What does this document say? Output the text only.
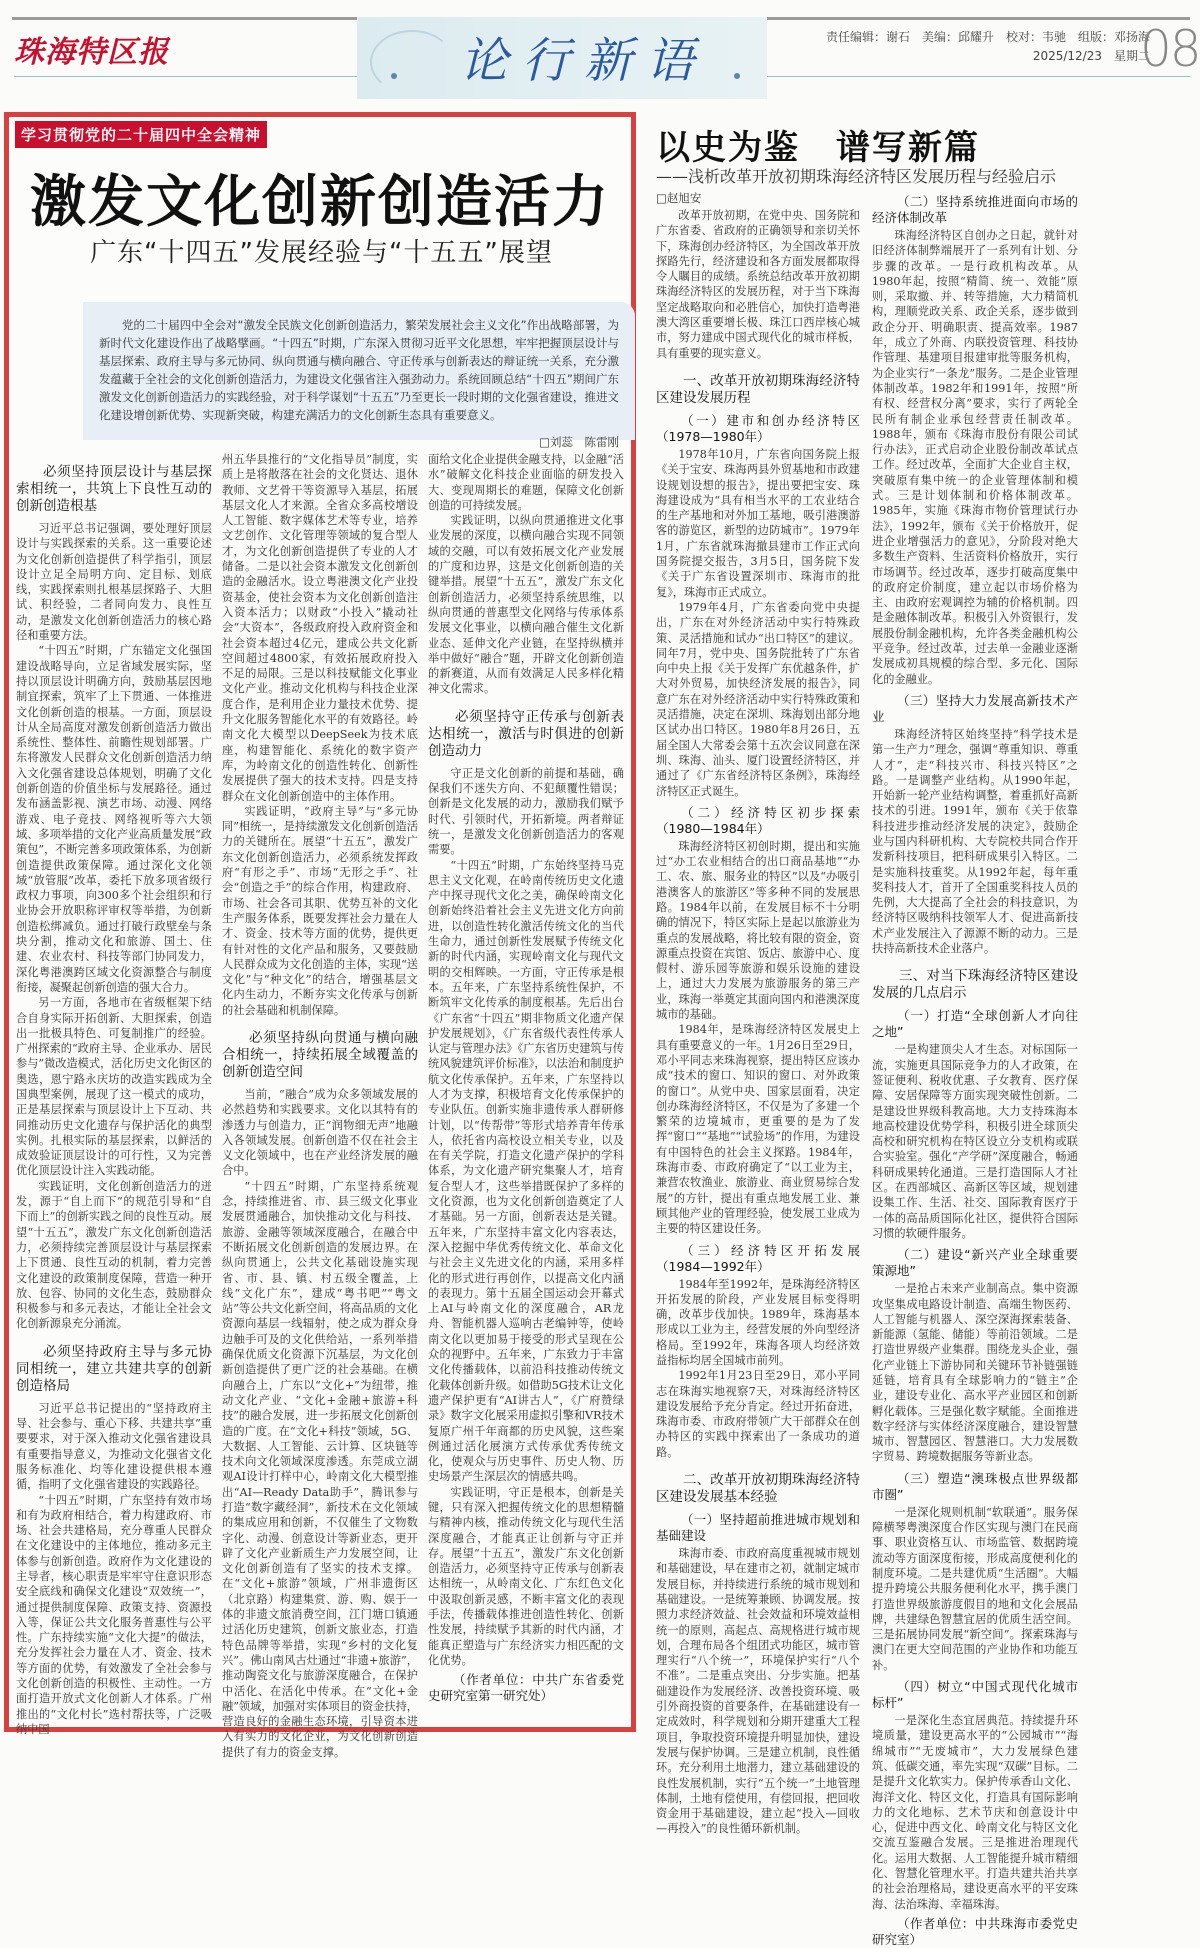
珠海特区报	论行新语	责任编辑：谢石　美编：邱耀升　校对：韦驰　组版：邓扬海
2025/12/23　星期二
08
学习贯彻党的二十届四中全会精神
激发文化创新创造活力
广东“十四五”发展经验与“十五五”展望
党的二十届四中全会对“激发全民族文化创新创造活力，繁荣发展社会主义文化”作出战略部署，为新时代文化建设作出了战略擘画。“十四五”时期，广东深入贯彻习近平文化思想，牢牢把握顶层设计与基层探索、政府主导与多元协同、纵向贯通与横向融合、守正传承与创新表达的辩证统一关系，充分激发蕴藏于全社会的文化创新创造活力，为建设文化强省注入强劲动力。系统回顾总结“十四五”期间广东激发文化创新创造活力的实践经验，对于科学谋划“十五五”乃至更长一段时期的文化强省建设，推进文化建设增创新优势、实现新突破，构建充满活力的文化创新生态具有重要意义。
□刘蕊　陈雷刚
必须坚持顶层设计与基层探索相统一，共筑上下良性互动的创新创造根基

习近平总书记强调，要处理好顶层设计与实践探索的关系。这一重要论述为文化创新创造提供了科学指引，顶层设计立足全局明方向、定目标、划底线，实践探索则扎根基层探路子、大胆试、积经验，二者同向发力、良性互动，是激发文化创新创造活力的核心路径和重要方法。

“十四五”时期，广东锚定文化强国建设战略导向，立足省域发展实际，坚持以顶层设计明确方向，鼓励基层因地制宜探索，筑牢了上下贯通、一体推进文化创新创造的根基。一方面，顶层设计从全局高度对激发创新创造活力做出系统性、整体性、前瞻性规划部署。广东将激发人民群众文化创新创造活力纳入文化强省建设总体规划，明确了文化创新创造的价值坐标与发展路径。通过发布涵盖影视、演艺市场、动漫、网络游戏、电子竞技、网络视听等六大领域、多项举措的文化产业高质量发展“政策包”，不断完善多项政策体系，为创新创造提供政策保障。通过深化文化领域“放管服”改革，委托下放多项省级行政权力事项，向300多个社会组织和行业协会开放职称评审权等举措，为创新创造松绑减负。通过打破行政壁垒与条块分割，推动文化和旅游、国土、住建、农业农村、科技等部门协同发力，深化粤港澳跨区域文化资源整合与制度衔接，凝聚起创新创造的强大合力。

另一方面，各地市在省级框架下结合自身实际开拓创新、大胆探索，创造出一批极具特色、可复制推广的经验。广州探索的“政府主导、企业承办、居民参与”微改造模式，活化历史文化街区的奥选，恩宁路永庆坊的改造实践成为全国典型案例，展现了这一模式的成功，正是基层探索与顶层设计上下互动、共同推动历史文化遗存与保护活化的典型实例。扎根实际的基层探索，以鲜活的成效验证顶层设计的可行性，又为完善优化顶层设计注入实践动能。

实践证明，文化创新创造活力的迸发，源于“自上而下”的规范引导和“自下而上”的创新实践之间的良性互动。展望“十五五”，激发广东文化创新创造活力，必须持续完善顶层设计与基层探索上下贯通、良性互动的机制，着力完善文化建设的政策制度保障，营造一种开放、包容、协同的文化生态，鼓励群众积极参与和多元表达，才能让全社会文化创新源泉充分涌流。

必须坚持政府主导与多元协同相统一，建立共建共享的创新创造格局

习近平总书记提出的“坚持政府主导、社会参与、重心下移、共建共享”重要要求，对于深入推动文化强省建设具有重要指导意义，为推动文化强省文化服务标准化、均等化建设提供根本遵循，指明了文化强省建设的实践路径。

“十四五”时期，广东坚持有效市场和有为政府相结合，着力构建政府、市场、社会共建格局，充分尊重人民群众在文化建设中的主体地位，推动多元主体参与创新创造。政府作为文化建设的主导者，核心职责是牢牢守住意识形态安全底线和确保文化建设“双效统一”，通过提供制度保障、政策支持、资源投入等，保证公共文化服务普惠性与公平性。广东持续实施“文化大提”的做法，充分发挥社会力量在人才、资金、技术等方面的优势，有效激发了全社会参与文化创新创造的积极性、主动性。一方面打造开放式文化创新人才体系。广州推出的“文化村长”选村帮扶等，广泛吸纳中国

州五华县推行的“文化指导员”制度，实质上是将散落在社会的文化贤达、退休教师、文艺骨干等资源导入基层，拓展基层文化人才来源。全省众多高校增设人工智能、数字媒体艺术等专业，培养文艺创作、文化管理等领域的复合型人才，为文化创新创造提供了专业的人才储备。二是以社会资本激发文化创新创造的金融活水。设立粤港澳文化产业投资基金，使社会资本为文化创新创造注入资本活力；以财政“小投入”撬动社会“大资本”，各级政府投入政府资金和社会资本超过4亿元，建成公共文化新空间超过4800家，有效拓展政府投入不足的局限。三是以科技赋能文化事业文化产业。推动文化机构与科技企业深度合作，是利用企业力量技术优势、提升文化服务智能化水平的有效路径。岭南文化大模型以DeepSeek为技术底座，构建智能化、系统化的数字资产库，为岭南文化的创造性转化、创新性发展提供了强大的技术支持。四是支持群众在文化创新创造中的主体作用。

实践证明，“政府主导”与“多元协同”相统一，是持续激发文化创新创造活力的关键所在。展望“十五五”，激发广东文化创新创造活力，必须系统发挥政府“有形之手”、市场“无形之手”、社会“创造之手”的综合作用，构建政府、市场、社会各司其职、优势互补的文化生产服务体系，既要发挥社会力量在人才、资金、技术等方面的优势，提供更有针对性的文化产品和服务，又要鼓励人民群众成为文化创造的主体，实现“送文化”与“种文化”的结合，增强基层文化内生动力，不断夯实文化传承与创新的社会基础和机制保障。

必须坚持纵向贯通与横向融合相统一，持续拓展全域覆盖的创新创造空间

当前，“融合”成为众多领域发展的必然趋势和实践要求。文化以其特有的渗透力与创造力，正“润物细无声”地融入各领域发展。创新创造不仅在社会主义文化领域中，也在产业经济发展的融合中。

“十四五”时期，广东坚持系统观念，持续推进省、市、县三级文化事业发展贯通融合，加快推动文化与科技、旅游、金融等领域深度融合，在融合中不断拓展文化创新创造的发展边界。在纵向贯通上，公共文化基础设施实现省、市、县、镇、村五级全覆盖，上线“文化广东”，建成“粤书吧”“粤文站”等公共文化新空间，将高品质的文化资源向基层一线辐射，使之成为群众身边触手可及的文化供给站，一系列举措确保优质文化资源下沉基层，为文化创新创造提供了更广泛的社会基础。在横向融合上，广东以“文化+”为纽带，推动文化产业、“文化+金融+旅游+科技”的融合发展，进一步拓展文化创新创造的广度。在“文化+科技”领域，5G、大数据、人工智能、云计算、区块链等技术向文化领域深度渗透。东莞成立湖观AI设计打样中心，岭南文化大模型推出“AI—Ready Data助手”，腾讯参与打造“数字藏经洞”，新技术在文化领域的集成应用和创新，不仅催生了文物数字化、动漫、创意设计等新业态，更开辟了文化产业新质生产力发展空间，让文化创新创造有了坚实的技术支撑。在“文化+旅游”领域，广州非遗街区（北京路）构建集赏、游、购、娱于一体的非遗文旅消费空间，江门塘口镇通过活化历史建筑，创新文旅业态，打造特色品牌等举措，实现“乡村的文化复兴”。佛山南风古灶通过“非遗+旅游”，推动陶瓷文化与旅游深度融合，在保护中活化、在活化中传承。在“文化+金融”领域，加强对实体项目的资金扶持，营造良好的金融生态环境，引导资本进入有实力的文化企业，为文化创新创造提供了有力的资金支撑。

面给文化企业提供金融支持，以金融“活水”破解文化科技企业面临的研发投入大、变现周期长的难题，保障文化创新创造的可持续发展。

实践证明，以纵向贯通推进文化事业发展的深度，以横向融合实现不同领域的交融，可以有效拓展文化产业发展的广度和边界，这是文化创新创造的关键举措。展望“十五五”，激发广东文化创新创造活力，必须坚持系统思维，以纵向贯通的普惠型文化网络与传承体系发展文化事业，以横向融合催生文化新业态、延伸文化产业链，在坚持纵横并举中做好“融合”题，开辟文化创新创造的新赛道，从而有效满足人民多样化精神文化需求。

必须坚持守正传承与创新表达相统一，激活与时俱进的创新创造动力

守正是文化创新的前提和基础，确保我们不迷失方向、不犯颠覆性错误；创新是文化发展的动力，激励我们赋予时代、引领时代，开拓新境。两者辩证统一，是激发文化创新创造活力的客观需要。

“十四五”时期，广东始终坚持马克思主义文化观，在岭南传统历史文化遗产中探寻现代文化之美，确保岭南文化创新始终沿着社会主义先进文化方向前进，以创造性转化激活传统文化的当代生命力，通过创新性发展赋予传统文化新的时代内涵，实现岭南文化与现代文明的交相辉映。一方面，守正传承是根本。五年来，广东坚持系统性保护，不断筑牢文化传承的制度根基。先后出台《广东省“十四五”期非物质文化遗产保护发展规划》，《广东省级代表性传承人认定与管理办法》《广东省历史建筑与传统风貌建筑评价标准》，以法治和制度护航文化传承保护。五年来，广东坚持以人才为支撑，积极培育文化传承保护的专业队伍。创新实施非遗传承人群研修计划，以“传帮带”等形式培养青年传承人，依托省内高校设立相关专业，以及在有关学院，打造文化遗产保护的学科体系，为文化遗产研究集聚人才，培育复合型人才，这些举措既保护了多样的文化资源，也为文化创新创造奠定了人才基础。另一方面，创新表达是关键。五年来，广东坚持丰富文化内容表达，深入挖掘中华优秀传统文化、革命文化与社会主义先进文化的内涵，采用多样化的形式进行再创作，以提高文化内涵的表现力。第十五届全国运动会开幕式上AI与岭南文化的深度融合，AR龙舟、智能机器人巡响古老编钟等，使岭南文化以更加易于接受的形式呈现在公众的视野中。五年来，广东致力于丰富文化传播载体，以前沿科技推动传统文化载体创新升级。如借助5G技术让文化遗产保护更有“AI讲古人”，《广府赞绿录》数字文化展采用虚拟引擎和VR技术复原广州千年商都的历史风貌，这些案例通过活化展演方式传承优秀传统文化，使观众与历史事件、历史人物、历史场景产生深层次的情感共鸣。

实践证明，守正是根本，创新是关键，只有深入把握传统文化的思想精髓与精神内核，推动传统文化与现代生活深度融合，才能真正让创新与守正并存。展望“十五五”，激发广东文化创新创造活力，必须坚持守正传承与创新表达相统一，从岭南文化、广东红色文化中汲取创新灵感，不断丰富文化的表现手法，传播载体推进创造性转化、创新性发展，持续赋予其新的时代内涵，才能真正塑造与广东经济实力相匹配的文化优势。

（作者单位：中共广东省委党史研究室第一研究处）
以史为鉴　谱写新篇
——浅析改革开放初期珠海经济特区发展历程与经验启示
□赵旭安

改革开放初期，在党中央、国务院和广东省委、省政府的正确领导和亲切关怀下，珠海创办经济特区，为全国改革开放探路先行，经济建设和各方面发展都取得令人瞩目的成绩。系统总结改革开放初期珠海经济特区的发展历程，对于当下珠海坚定战略取向和必胜信心，加快打造粤港澳大湾区重要增长极、珠江口西岸核心城市，努力建成中国式现代化的城市样板，具有重要的现实意义。

一、改革开放初期珠海经济特区建设发展历程
（一）建市和创办经济特区（1978—1980年）

1978年10月，广东省向国务院上报《关于宝安、珠海两县外贸基地和市政建设规划设想的报告》，提出要把宝安、珠海建设成为“具有相当水平的工农业结合的生产基地和对外加工基地，吸引港澳游客的游览区，新型的边防城市”。1979年1月，广东省就珠海撤县建市工作正式向国务院提交报告，3月5日，国务院下发《关于广东省设置深圳市、珠海市的批复》，珠海市正式成立。

1979年4月，广东省委向党中央提出，广东在对外经济活动中实行特殊政策、灵活措施和试办“出口特区”的建议。同年7月，党中央、国务院批转了广东省向中央上报《关于发挥广东优越条件，扩大对外贸易，加快经济发展的报告》，同意广东在对外经济活动中实行特殊政策和灵活措施，决定在深圳、珠海划出部分地区试办出口特区。1980年8月26日，五届全国人大常委会第十五次会议同意在深圳、珠海、汕头、厦门设置经济特区，并通过了《广东省经济特区条例》，珠海经济特区正式诞生。

（二）经济特区初步探索（1980—1984年）

珠海经济特区初创时期，提出和实施过“办工农业相结合的出口商品基地”“办工、农、旅、服务业的特区”以及“办吸引港澳客人的旅游区”等多种不同的发展思路。1984年以前，在发展目标不十分明确的情况下，特区实际上是起以旅游业为重点的发展战略，将比较有限的资金，资源重点投资在宾馆、饭店、旅游中心、度假村、游乐园等旅游和娱乐设施的建设上，通过大力发展为旅游服务的第三产业，珠海一举奠定其面向国内和港澳深度城市的基础。

1984年，是珠海经济特区发展史上具有重要意义的一年。1月26日至29日，邓小平同志来珠海视察，提出特区应该办成“技术的窗口、知识的窗口、对外政策的窗口”。从党中央、国家层面看，决定创办珠海经济特区，不仅是为了多建一个繁荣的边境城市，更重要的是为了发挥“窗口”“基地”“试验场”的作用，为建设有中国特色的社会主义探路。1984年，珠海市委、市政府确定了“以工业为主，兼营农牧渔业、旅游业、商业贸易综合发展”的方针，提出有重点地发展工业、兼顾其他产业的管理经验，使发展工业成为主要的特区建设任务。

（三）经济特区开拓发展（1984—1992年）

1984年至1992年，是珠海经济特区开拓发展的阶段，产业发展目标变得明确，改革步伐加快。1989年，珠海基本形成以工业为主，经营发展的外向型经济格局。至1992年，珠海各项人均经济效益指标均居全国城市前列。

1992年1月23日至29日，邓小平同志在珠海实地视察7天，对珠海经济特区建设发展给予充分肯定。经过开拓奋进，珠海市委、市政府带领广大干部群众在创办特区的实践中探索出了一条成功的道路。

二、改革开放初期珠海经济特区建设发展基本经验
（一）坚持超前推进城市规划和基础建设

珠海市委、市政府高度重视城市规划和基础建设，早在建市之初，就制定城市发展目标，并持续进行系统的城市规划和基础建设。一是统筹兼顾、协调发展。按照力求经济效益、社会效益和环境效益相统一的原则，高起点、高规格进行城市规划，合理布局各个组团式功能区，城市管理实行“八个统一”，环境保护实行“八个不准”。二是重点突出、分步实施。把基础建设作为发展经济、改善投资环境、吸引外商投资的首要条件，在基础建设有一定成效时，科学规划和分期开建重大工程项目，争取投资环境提升明显加快，建设发展与保护协调。三是建立机制，良性循环。充分利用土地潜力，建立基础建设的良性发展机制，实行“五个统一”土地管理体制，土地有偿使用，有偿回报，把回收资金用于基础建设，建立起“投入—回收—再投入”的良性循环新机制。

（二）坚持系统推进面向市场的经济体制改革

珠海经济特区自创办之日起，就针对旧经济体制弊端展开了一系列有计划、分步骤的改革。一是行政机构改革。从1980年起，按照“精简、统一、效能”原则，采取撤、并、转等措施，大力精简机构，理顺党政关系、政企关系，逐步做到政企分开、明确职责、提高效率。1987年，成立了外商、内联投资管理、科技协作管理、基建项目报建审批等服务机构，为企业实行“一条龙”服务。二是企业管理体制改革。1982年和1991年，按照“所有权、经营权分离”要求，实行了两轮全民所有制企业承包经营责任制改革。1988年，颁布《珠海市股份有限公司试行办法》，正式启动企业股份制改革试点工作。经过改革，全面扩大企业自主权，突破原有集中统一的企业管理体制和模式。三是计划体制和价格体制改革。1985年，实施《珠海市物价管理试行办法》，1992年，颁布《关于价格放开，促进企业增强活力的意见》，分阶段对绝大多数生产资料、生活资料价格放开，实行市场调节。经过改革，逐步打破高度集中的政府定价制度，建立起以市场价格为主、由政府宏观调控为辅的价格机制。四是金融体制改革。积极引入外资银行，发展股份制金融机构，允许各类金融机构公平竞争。经过改革，过去单一金融业逐渐发展成初具规模的综合型、多元化、国际化的金融业。

（三）坚持大力发展高新技术产业

珠海经济特区始终坚持“科学技术是第一生产力”理念，强调“尊重知识、尊重人才”，走“科技兴市、科技兴特区”之路。一是调整产业结构。从1990年起，开始新一轮产业结构调整，着重抓好高新技术的引进。1991年，颁布《关于依靠科技进步推动经济发展的决定》，鼓励企业与国内科研机构、大专院校共同合作开发新科技项目，把科研成果引入特区。二是实施科技重奖。从1992年起，每年重奖科技人才，首开了全国重奖科技人员的先例，大大提高了全社会的科技意识，为经济特区吸纳科技领军人才、促进高新技术产业发展注入了源源不断的动力。三是扶持高新技术企业落户。

三、对当下珠海经济特区建设发展的几点启示
（一）打造“全球创新人才向往之地”

一是构建顶尖人才生态。对标国际一流，实施更具国际竞争力的人才政策，在签证便利、税收优惠、子女教育、医疗保障、安居保障等方面实现突破性创新。二是建设世界级科教高地。大力支持珠海本地高校建设优势学科，积极引进全球顶尖高校和研究机构在特区设立分支机构或联合实验室。强化“产学研”深度融合，畅通科研成果转化通道。三是打造国际人才社区。在西部城区、高新区等区域，规划建设集工作、生活、社交、国际教育医疗于一体的高品质国际化社区，提供符合国际习惯的软硬件服务。

（二）建设“新兴产业全球重要策源地”

一是抢占未来产业制高点。集中资源攻坚集成电路设计制造、高端生物医药、人工智能与机器人、深空深海探索装备、新能源（氢能、储能）等前沿领域。二是打造世界级产业集群。围绕龙头企业，强化产业链上下游协同和关键环节补链强链延链，培育具有全球影响力的“链主”企业，建设专业化、高水平产业园区和创新孵化载体。三是强化数字赋能。全面推进数字经济与实体经济深度融合，建设智慧城市、智慧园区、智慧港口。大力发展数字贸易、跨境数据服务等新业态。

（三）塑造“澳珠极点世界级都市圈”

一是深化规则机制“软联通”。服务保障横琴粤澳深度合作区实现与澳门在民商事、职业资格互认、市场监管、数据跨境流动等方面深度衔接，形成高度便利化的制度环境。二是共建优质“生活圈”。大幅提升跨境公共服务便利化水平，携手澳门打造世界级旅游度假目的地和文化会展品牌，共建绿色智慧宜居的优质生活空间。三是拓展协同发展“新空间”。探索珠海与澳门在更大空间范围的产业协作和功能互补。

（四）树立“中国式现代化城市标杆”

一是深化生态宜居典范。持续提升环境质量，建设更高水平的“公园城市”“海绵城市”“无废城市”，大力发展绿色建筑、低碳交通，率先实现“双碳”目标。二是提升文化软实力。保护传承香山文化、海洋文化、特区文化，打造具有国际影响力的文化地标、艺术节庆和创意设计中心，促进中西文化、岭南文化与特区文化交流互鉴融合发展。三是推进治理现代化。运用大数据、人工智能提升城市精细化、智慧化管理水平。打造共建共治共享的社会治理格局，建设更高水平的平安珠海、法治珠海、幸福珠海。

（作者单位：中共珠海市委党史研究室）
